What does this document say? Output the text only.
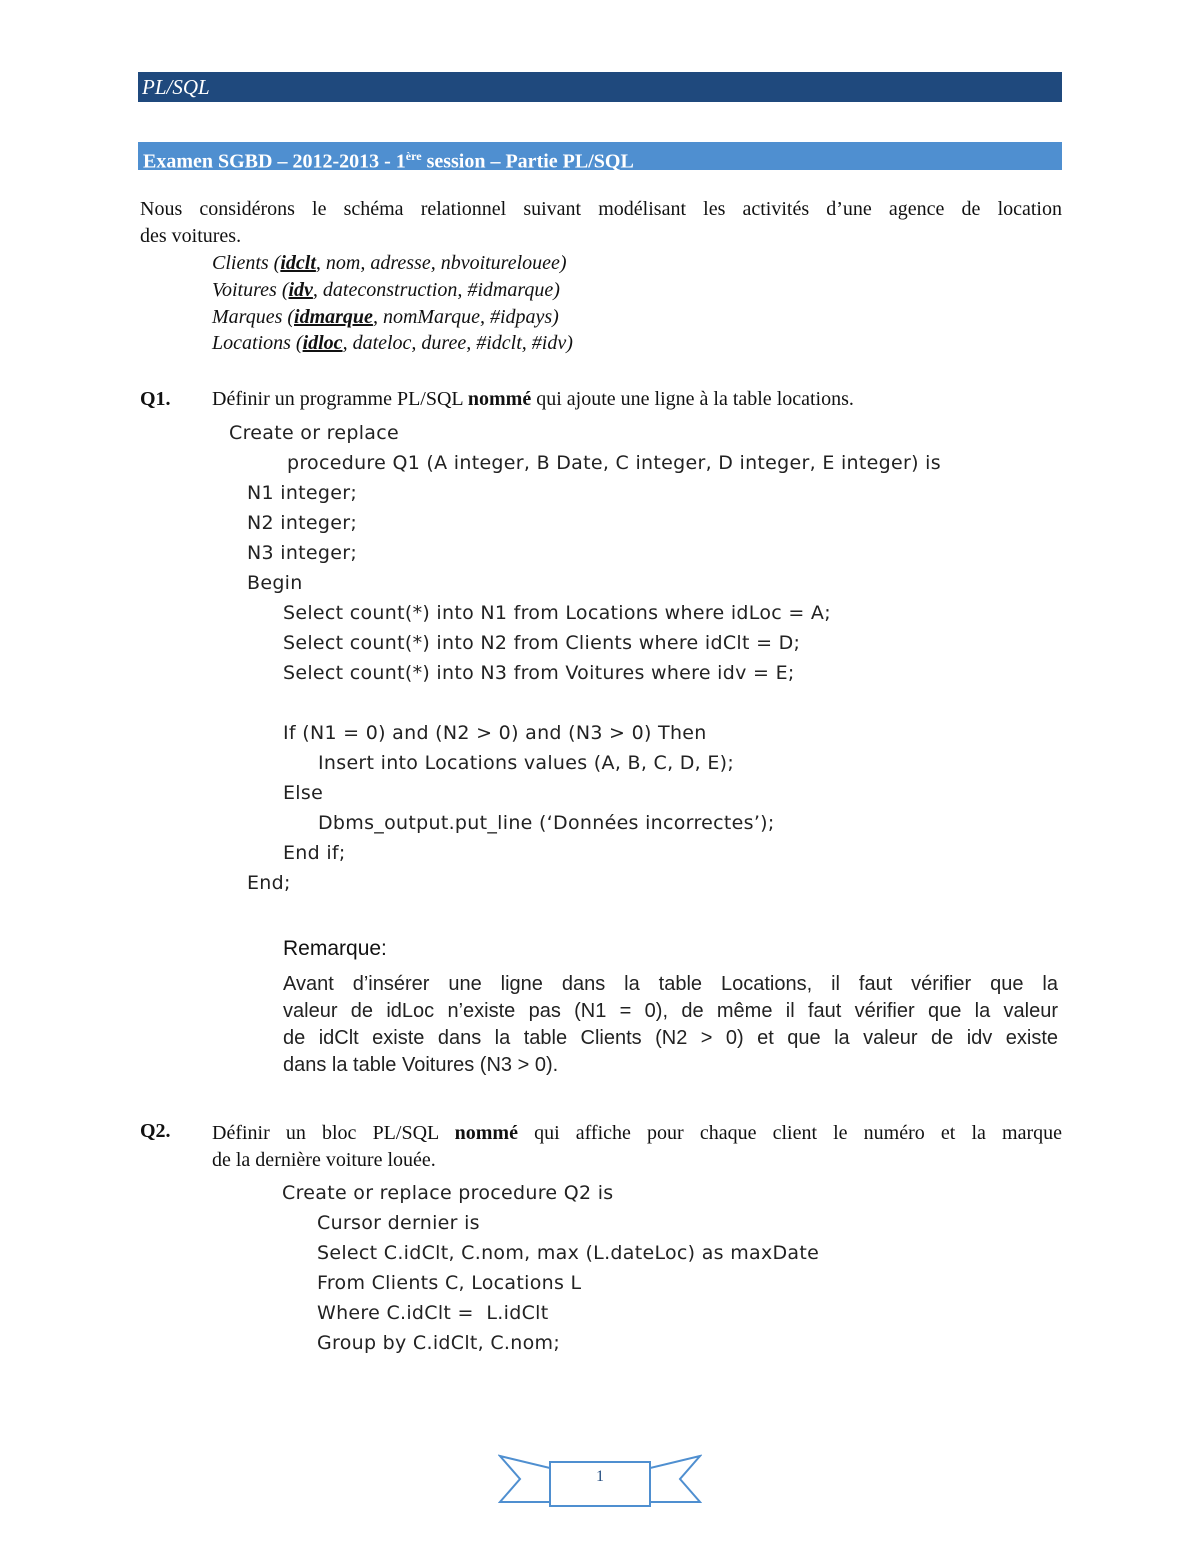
PL/SQL
Examen SGBD – 2012-2013 - 1ère session – Partie PL/SQL
Nous considérons le schéma relationnel suivant modélisant les activités d’une agence de location
des voitures.
Clients (idclt, nom, adresse, nbvoiturelouee)
Voitures (idv, dateconstruction, #idmarque)
Marques (idmarque, nomMarque, #idpays)
Locations (idloc, dateloc, duree, #idclt, #idv)
Q1. Définir un programme PL/SQL nommé qui ajoute une ligne à la table locations.
Create or replace
procedure Q1 (A integer, B Date, C integer, D integer, E integer) is
N1 integer;
N2 integer;
N3 integer;
Begin
Select count(*) into N1 from Locations where idLoc = A;
Select count(*) into N2 from Clients where idClt = D;
Select count(*) into N3 from Voitures where idv = E;
If (N1 = 0) and (N2 > 0) and (N3 > 0) Then
Insert into Locations values (A, B, C, D, E);
Else
Dbms_output.put_line (‘Données incorrectes’);
End if;
End;
Remarque:
Avant d’insérer une ligne dans la table Locations, il faut vérifier que la
valeur de idLoc n’existe pas (N1 = 0), de même il faut vérifier que la valeur
de idClt existe dans la table Clients (N2 > 0) et que la valeur de idv existe
dans la table Voitures (N3 > 0).
Q2. Définir un bloc PL/SQL nommé qui affiche pour chaque client le numéro et la marque
de la dernière voiture louée.
Create or replace procedure Q2 is
Cursor dernier is
Select C.idClt, C.nom, max (L.dateLoc) as maxDate
From Clients C, Locations L
Where C.idClt =  L.idClt
Group by C.idClt, C.nom;
1
